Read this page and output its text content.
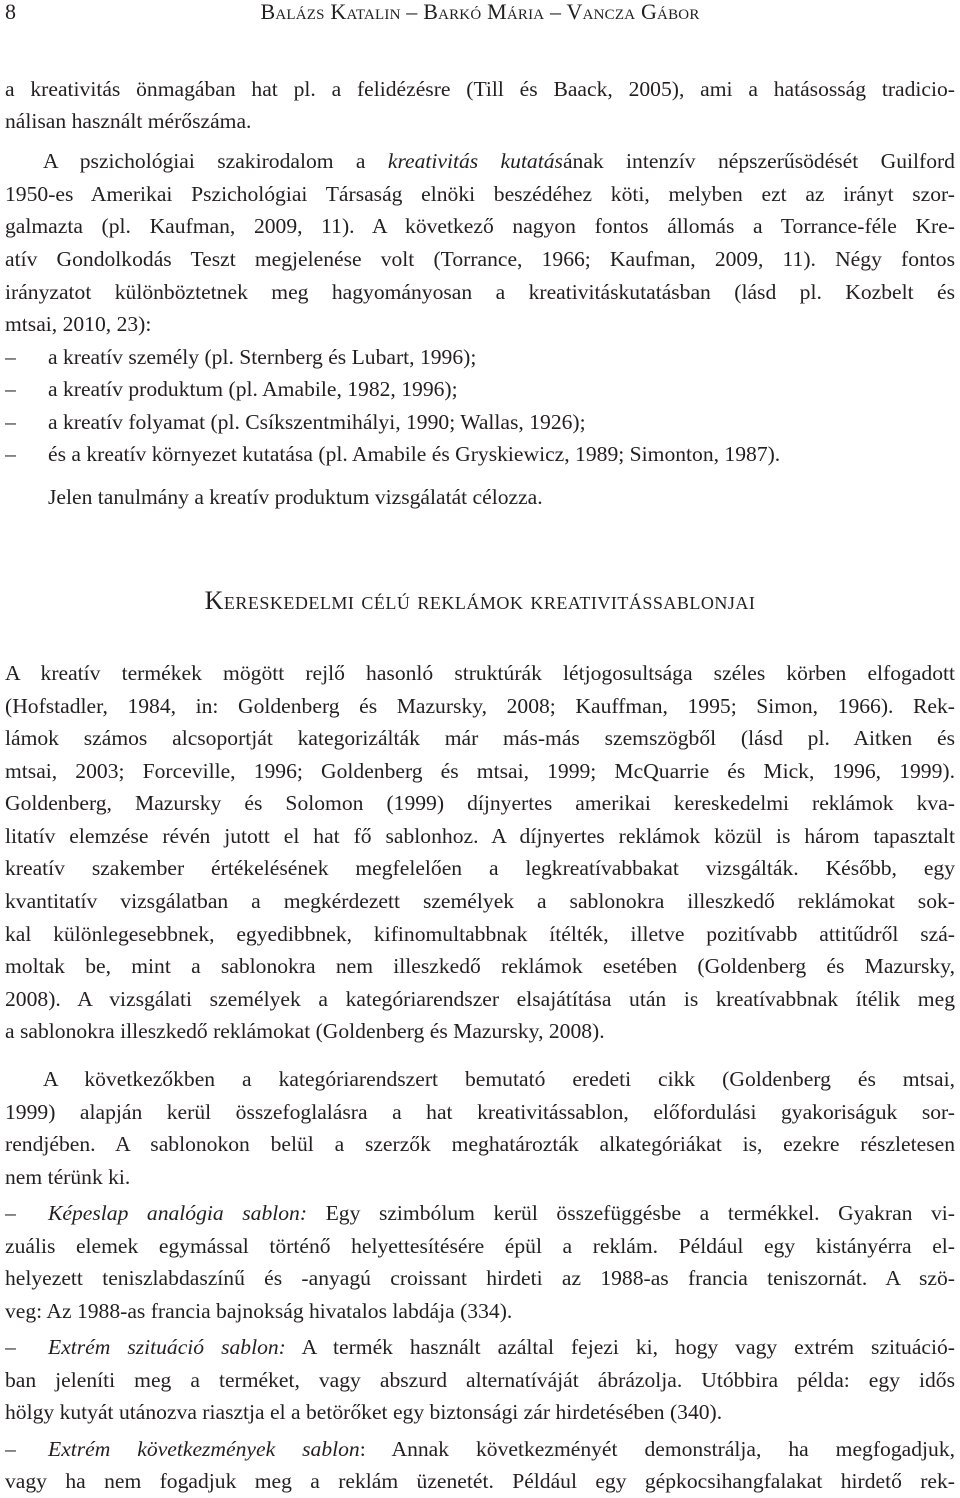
8	Balázs Katalin – Barkó Mária – Vancza Gábor
a kreativitás önmagában hat pl. a felidézésre (Till és Baack, 2005), ami a hatásosság tradicio-
nálisan használt mérőszáma.
A pszichológiai szakirodalom a kreativitás kutatásának intenzív népszerűsödését Guilford
1950-es Amerikai Pszichológiai Társaság elnöki beszédéhez köti, melyben ezt az irányt szor-
galmazta (pl. Kaufman, 2009, 11). A következő nagyon fontos állomás a Torrance-féle Kre-
atív Gondolkodás Teszt megjelenése volt (Torrance, 1966; Kaufman, 2009, 11). Négy fontos
irányzatot különböztetnek meg hagyományosan a kreativitáskutatásban (lásd pl. Kozbelt és
mtsai, 2010, 23):
–	a kreatív személy (pl. Sternberg és Lubart, 1996);
–	a kreatív produktum (pl. Amabile, 1982, 1996);
–	a kreatív folyamat (pl. Csíkszentmihályi, 1990; Wallas, 1926);
–	és a kreatív környezet kutatása (pl. Amabile és Gryskiewicz, 1989; Simonton, 1987).
Jelen tanulmány a kreatív produktum vizsgálatát célozza.
Kereskedelmi célú reklámok kreativitássablonjai
A kreatív termékek mögött rejlő hasonló struktúrák létjogosultsága széles körben elfogadott
(Hofstadler, 1984, in: Goldenberg és Mazursky, 2008; Kauffman, 1995; Simon, 1966). Rek-
lámok számos alcsoportját kategorizálták már más-más szemszögből (lásd pl. Aitken és
mtsai, 2003; Forceville, 1996; Goldenberg és mtsai, 1999; McQuarrie és Mick, 1996, 1999).
Goldenberg, Mazursky és Solomon (1999) díjnyertes amerikai kereskedelmi reklámok kva-
litatív elemzése révén jutott el hat fő sablonhoz. A díjnyertes reklámok közül is három tapasztalt
kreatív szakember értékelésének megfelelően a legkreatívabbakat vizsgálták. Később, egy
kvantitatív vizsgálatban a megkérdezett személyek a sablonokra illeszkedő reklámokat sok-
kal különlegesebbnek, egyedibbnek, kifinomultabbnak ítélték, illetve pozitívabb attitűdről szá-
moltak be, mint a sablonokra nem illeszkedő reklámok esetében (Goldenberg és Mazursky,
2008). A vizsgálati személyek a kategóriarendszer elsajátítása után is kreatívabbnak ítélik meg
a sablonokra illeszkedő reklámokat (Goldenberg és Mazursky, 2008).
A következőkben a kategóriarendszert bemutató eredeti cikk (Goldenberg és mtsai,
1999) alapján kerül összefoglalásra a hat kreativitássablon, előfordulási gyakoriságuk sor-
rendjében. A sablonokon belül a szerzők meghatározták alkategóriákat is, ezekre részletesen
nem térünk ki.
–	Képeslap analógia sablon: Egy szimbólum kerül összefüggésbe a termékkel. Gyakran vi-
zuális elemek egymással történő helyettesítésére épül a reklám. Például egy kistányérra el-
helyezett teniszlabdaszínű és -anyagú croissant hirdeti az 1988-as francia teniszornát. A szö-
veg: Az 1988-as francia bajnokság hivatalos labdája (334).
–	Extrém szituáció sablon: A termék használt azáltal fejezi ki, hogy vagy extrém szituáció-
ban jeleníti meg a terméket, vagy abszurd alternatíváját ábrázolja. Utóbbira példa: egy idős
hölgy kutyát utánozva riasztja el a betörőket egy biztonsági zár hirdetésében (340).
–	Extrém következmények sablon: Annak következményét demonstrálja, ha megfogadjuk,
vagy ha nem fogadjuk meg a reklám üzenetét. Például egy gépkocsihangfalakat hirdető rek-
